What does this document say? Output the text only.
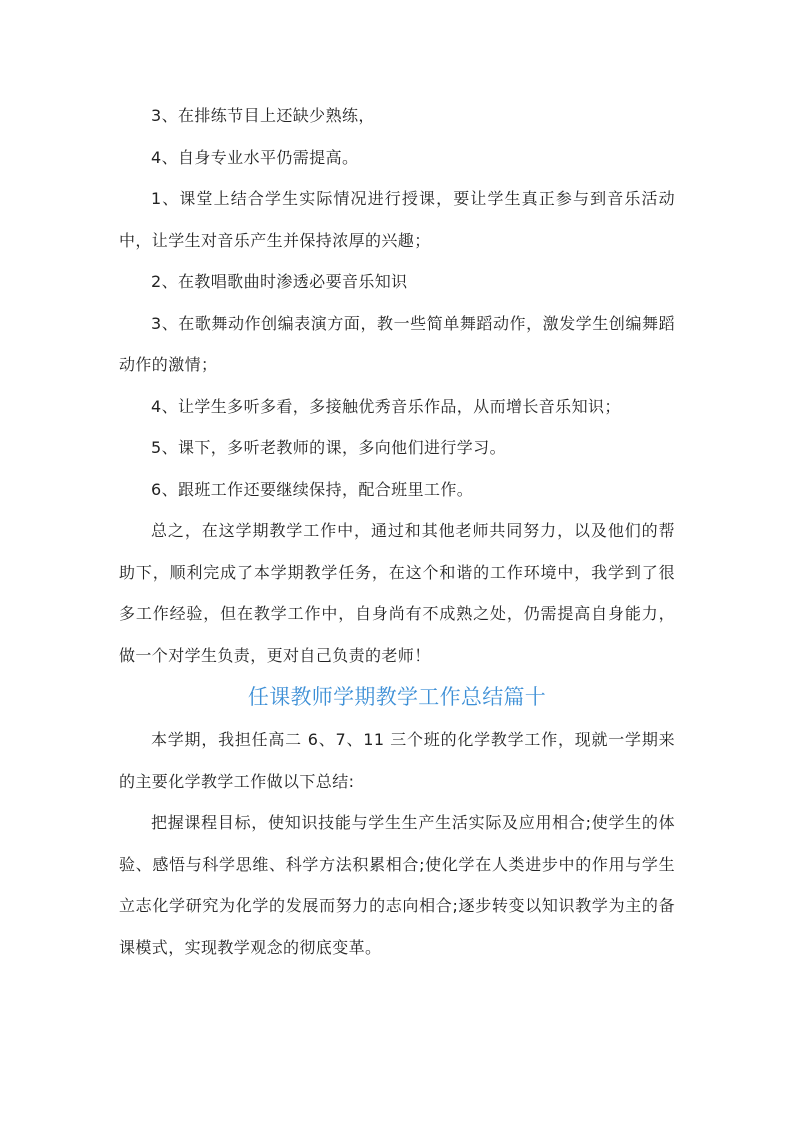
3、在排练节目上还缺少熟练，

4、自身专业水平仍需提高。

1、课堂上结合学生实际情况进行授课，要让学生真正参与到音乐活动中，让学生对音乐产生并保持浓厚的兴趣；

2、在教唱歌曲时渗透必要音乐知识

3、在歌舞动作创编表演方面，教一些简单舞蹈动作，激发学生创编舞蹈动作的激情；

4、让学生多听多看，多接触优秀音乐作品，从而增长音乐知识；

5、课下，多听老教师的课，多向他们进行学习。

6、跟班工作还要继续保持，配合班里工作。

总之，在这学期教学工作中，通过和其他老师共同努力，以及他们的帮助下，顺利完成了本学期教学任务，在这个和谐的工作环境中，我学到了很多工作经验，但在教学工作中，自身尚有不成熟之处，仍需提高自身能力，做一个对学生负责，更对自己负责的老师！

任课教师学期教学工作总结篇十

本学期，我担任高二 6、7、11 三个班的化学教学工作，现就一学期来的主要化学教学工作做以下总结:

把握课程目标，使知识技能与学生生产生活实际及应用相合;使学生的体验、感悟与科学思维、科学方法积累相合;使化学在人类进步中的作用与学生立志化学研究为化学的发展而努力的志向相合;逐步转变以知识教学为主的备课模式，实现教学观念的彻底变革。
